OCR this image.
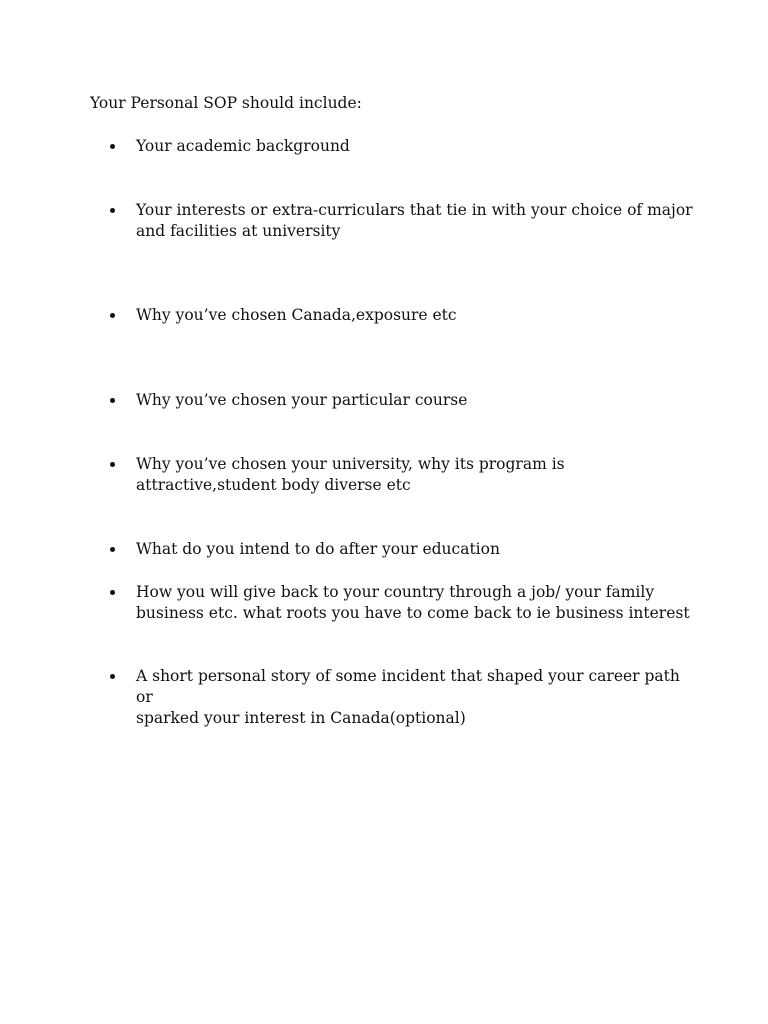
Your Personal SOP should include:
Your academic background
Your interests or extra-curriculars that tie in with your choice of major
and facilities at university
Why you’ve chosen Canada,exposure etc
Why you’ve chosen your particular course
Why you’ve chosen your university, why its program is
attractive,student body diverse etc
What do you intend to do after your education
How you will give back to your country through a job/ your family
business etc. what roots you have to come back to ie business interest
A short personal story of some incident that shaped your career path or
sparked your interest in Canada(optional)
